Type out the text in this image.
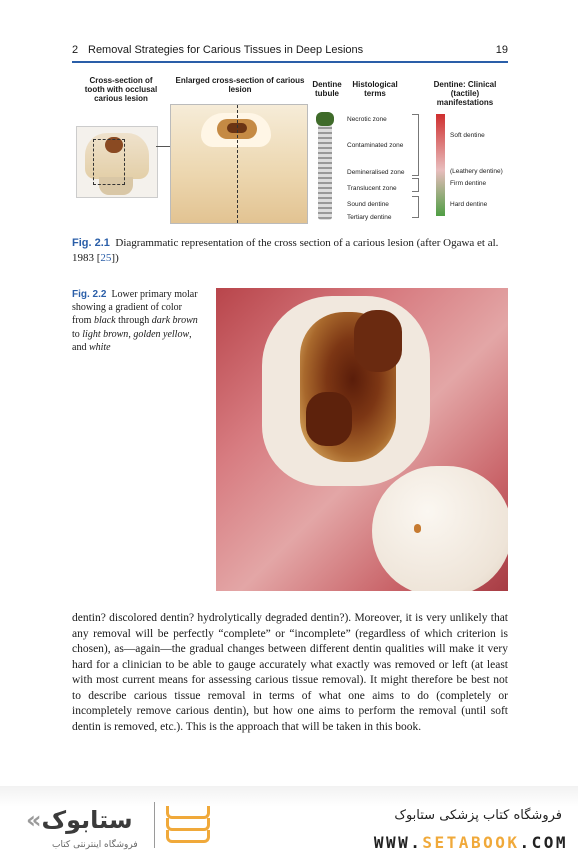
2 Removal Strategies for Carious Tissues in Deep Lesions	19
Cross-section of tooth with occlusal carious lesion
Enlarged cross-section of carious lesion
Dentine tubule
Histological terms
Dentine: Clinical (tactile) manifestations
Necrotic zone
Contaminated zone
Demineralised zone
Translucent zone
Sound dentine
Tertiary dentine
Soft dentine
(Leathery dentine)
Firm dentine
Hard dentine
Fig. 2.1 Diagrammatic representation of the cross section of a carious lesion (after Ogawa et al. 1983 [25])
Fig. 2.2 Lower primary molar showing a gradient of color from black through dark brown to light brown, golden yellow, and white

dentin? discolored dentin? hydrolytically degraded dentin?). Moreover, it is very unlikely that any removal will be perfectly “complete” or “incomplete” (regardless of which criterion is chosen), as—again—the gradual changes between different dentin qualities will make it very hard for a clinician to be able to gauge accurately what exactly was removed or left (at least with most current means for assessing carious tissue removal). It might therefore be best not to describe carious tissue removal in terms of what one aims to do (completely or incompletely remove carious dentin), but how one aims to perform the removal (until soft dentin is removed, etc.). This is the approach that will be taken in this book.

«ستابوک
فروشگاه اینترنتی کتاب
فروشگاه کتاب پزشکی ستابوک
WWW.SETABOOK.COM
